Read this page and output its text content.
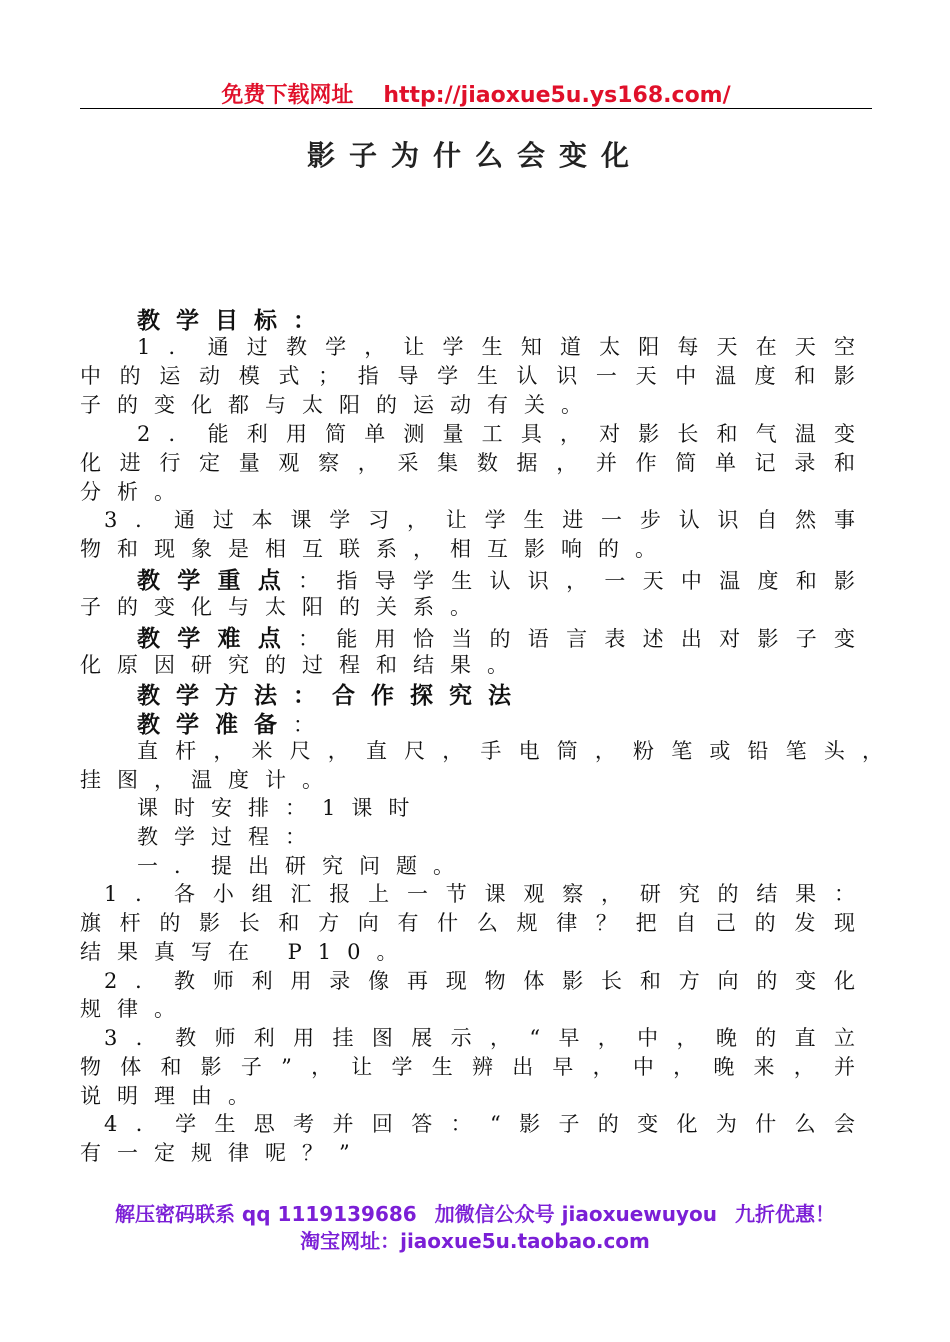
免费下载网址 http://jiaoxue5u.ys168.com/
影子为什么会变化
教学目标：
1．通过教学，让学生知道太阳每天在天空
中的运动模式；指导学生认识一天中温度和影
子的变化都与太阳的运动有关。
2．能利用简单测量工具，对影长和气温变
化进行定量观察，采集数据，并作简单记录和
分析。
3．通过本课学习，让学生进一步认识自然事
物和现象是相互联系，相互影响的。
教学重点：指导学生认识，一天中温度和影
子的变化与太阳的关系。
教学难点：能用恰当的语言表述出对影子变
化原因研究的过程和结果。
教学方法：合作探究法
教学准备：
直杆，米尺，直尺，手电筒，粉笔或铅笔头，
挂图，温度计。
课时安排：1课时
教学过程：
一．提出研究问题。
1．各小组汇报上一节课观察，研究的结果：
旗杆的影长和方向有什么规律？把自己的发现
结果真写在 P10。
2．教师利用录像再现物体影长和方向的变化
规律。
3．教师利用挂图展示，“早，中，晚的直立
物体和影子”，让学生辨出早，中，晚来，并
说明理由。
4．学生思考并回答：“影子的变化为什么会
有一定规律呢？”
解压密码联系 qq 1119139686 加微信公众号 jiaoxuewuyou 九折优惠！
淘宝网址：jiaoxue5u.taobao.com
